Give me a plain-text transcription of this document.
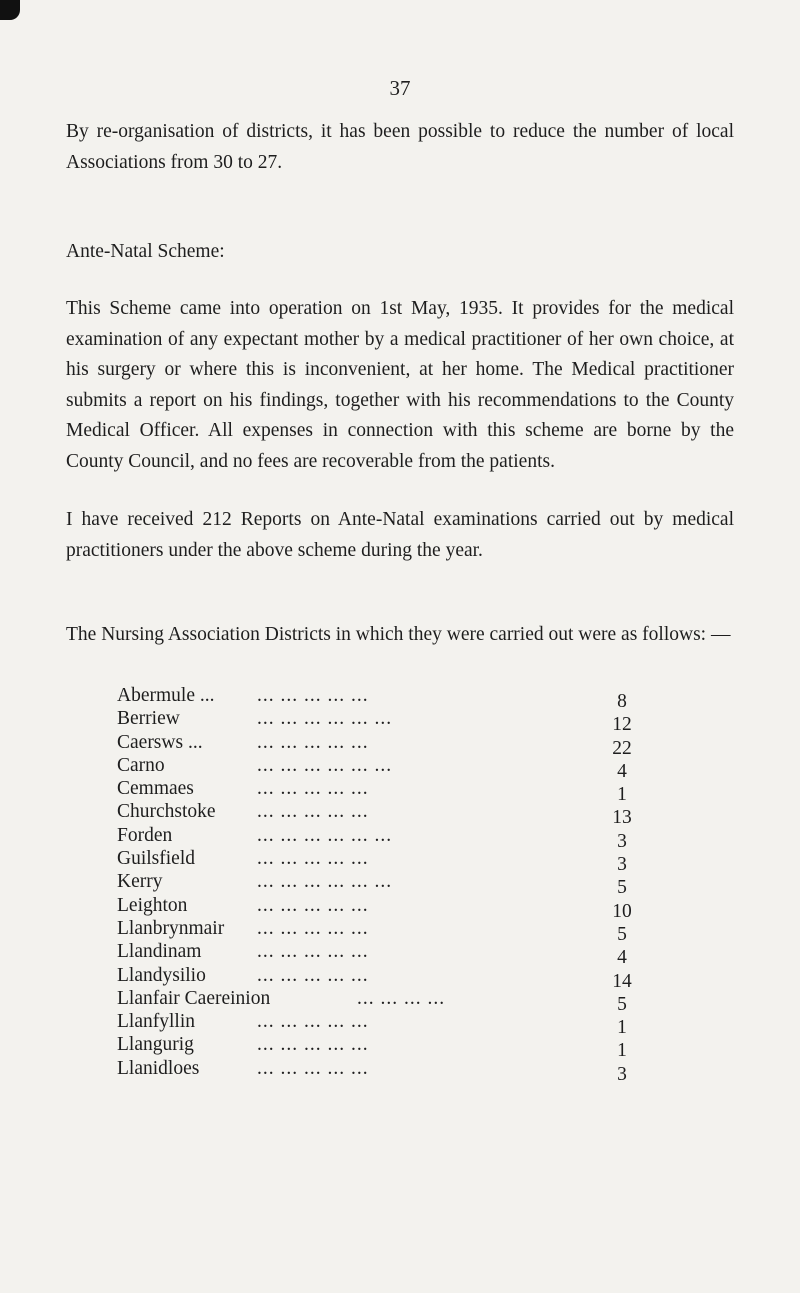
37

By re-organisation of districts, it has been possible to reduce the number of local Associations from 30 to 27.

Ante-Natal Scheme:

This Scheme came into operation on 1st May, 1935. It provides for the medical examination of any expectant mother by a medical practitioner of her own choice, at his surgery or where this is inconvenient, at her home. The Medical practitioner submits a report on his findings, together with his recommendations to the County Medical Officer. All expenses in connection with this scheme are borne by the County Council, and no fees are recoverable from the patients.

I have received 212 Reports on Ante-Natal examinations carried out by medical practitioners under the above scheme during the year.

The Nursing Association Districts in which they were carried out were as follows: —

Abermule ... ... ... ... ... ...	8
Berriew	... ... ... ... ... ...	12
Caersws ...	... ... ... ... ...	22
Carno	... ... ... ... ... ...	4
Cemmaes	... ... ... ... ...	1
Churchstoke ... ... ... ... ...	13
Forden	... ... ... ... ... ...	3
Guilsfield	... ... ... ... ...	3
Kerry	... ... ... ... ... ...	5
Leighton	... ... ... ... ...	10
Llanbrynmair ... ... ... ... ...	5
Llandinam	... ... ... ... ...	4
Llandysilio	... ... ... ... ...	14
Llanfair Caereinion	... ... ... ...	5
Llanfyllin	... ... ... ... ...	1
Llangurig	... ... ... ... ...	1
Llanidloes	... ... ... ... ...	3
